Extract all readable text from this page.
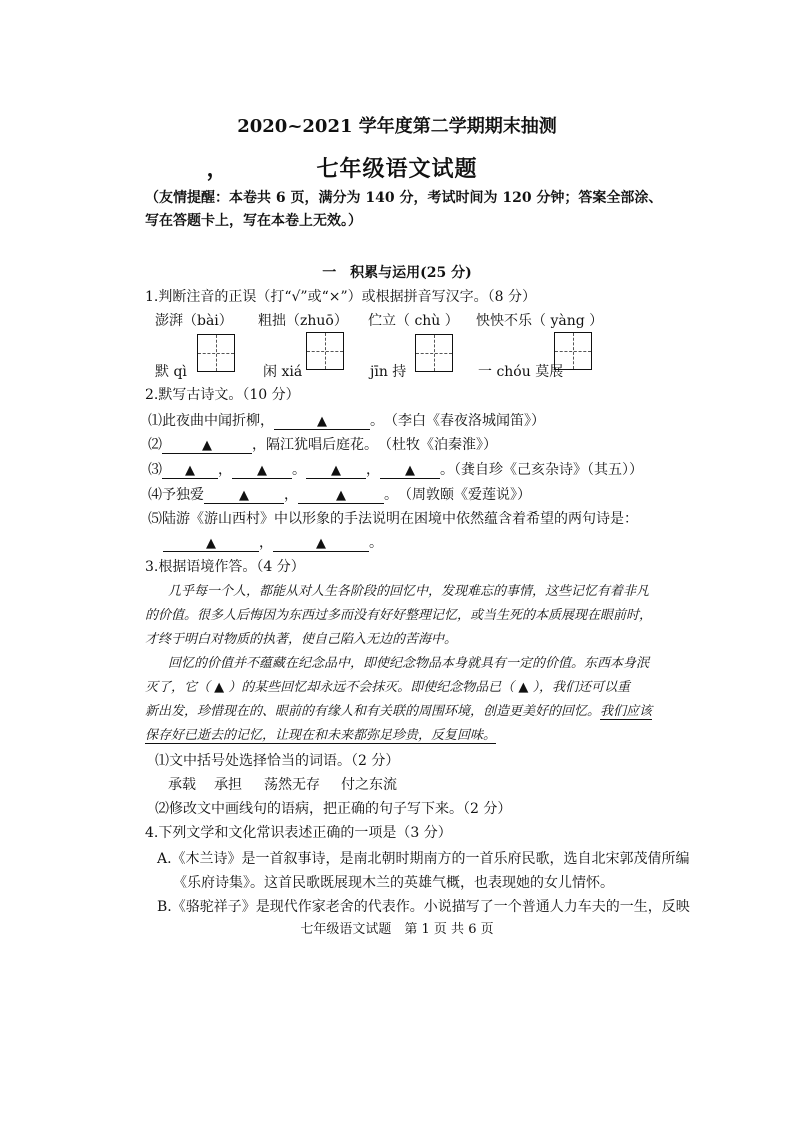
2020~2021 学年度第二学期期末抽测
，	七年级语文试题
（友情提醒：本卷共 6 页，满分为 140 分，考试时间为 120 分钟；答案全部涂、写在答题卡上，写在本卷上无效。）
一　积累与运用(25 分)
1.判断注音的正误（打“√”或“×”）或根据拼音写汉字。（8 分）
澎湃（bài） 粗拙（zhuō） 伫立（ chù ） 怏怏不乐（ yàng ）
默 qì	闲 xiá	jīn 持	一 chóu 莫展
2.默写古诗文。（10 分）
⑴此夜曲中闻折柳，	▲	。　（李白《春夜洛城闻笛》）
⑵	▲	，隔江犹唱后庭花。　（杜牧《泊秦淮》）
⑶ ▲ ， ▲ 。 ▲ ， ▲ 。（龚自珍《己亥杂诗》（其五））
⑷予独爱	▲	，	▲	。　（周敦颐《爱莲说》）
⑸陆游《游山西村》中以形象的手法说明在困境中依然蕴含着希望的两句诗是：
▲	，	▲	。
3.根据语境作答。（4 分）
几乎每一个人，都能从对人生各阶段的回忆中，发现难忘的事情，这些记忆有着非凡
的价值。很多人后悔因为东西过多而没有好好整理记忆，或当生死的本质展现在眼前时，
才终于明白对物质的执著，使自己陷入无边的苦海中。
回忆的价值并不蕴藏在纪念品中，即使纪念物品本身就具有一定的价值。东西本身泯
灭了，它（ ▲ ）的某些回忆却永远不会抹灭。即使纪念物品已（ ▲ ），我们还可以重
新出发，珍惜现在的、眼前的有缘人和有关联的周围环境，创造更美好的回忆。我们应该
保存好已逝去的记忆，让现在和未来都弥足珍贵，反复回味。
⑴文中括号处选择恰当的词语。（2 分）
承载 承担 荡然无存 付之东流
⑵修改文中画线句的语病，把正确的句子写下来。（2 分）
4.下列文学和文化常识表述正确的一项是（3 分）
A.《木兰诗》是一首叙事诗，是南北朝时期南方的一首乐府民歌，选自北宋郭茂倩所编
《乐府诗集》。这首民歌既展现木兰的英雄气概，也表现她的女儿情怀。
B.《骆驼祥子》是现代作家老舍的代表作。小说描写了一个普通人力车夫的一生，反映
七年级语文试题　第 1 页 共 6 页
